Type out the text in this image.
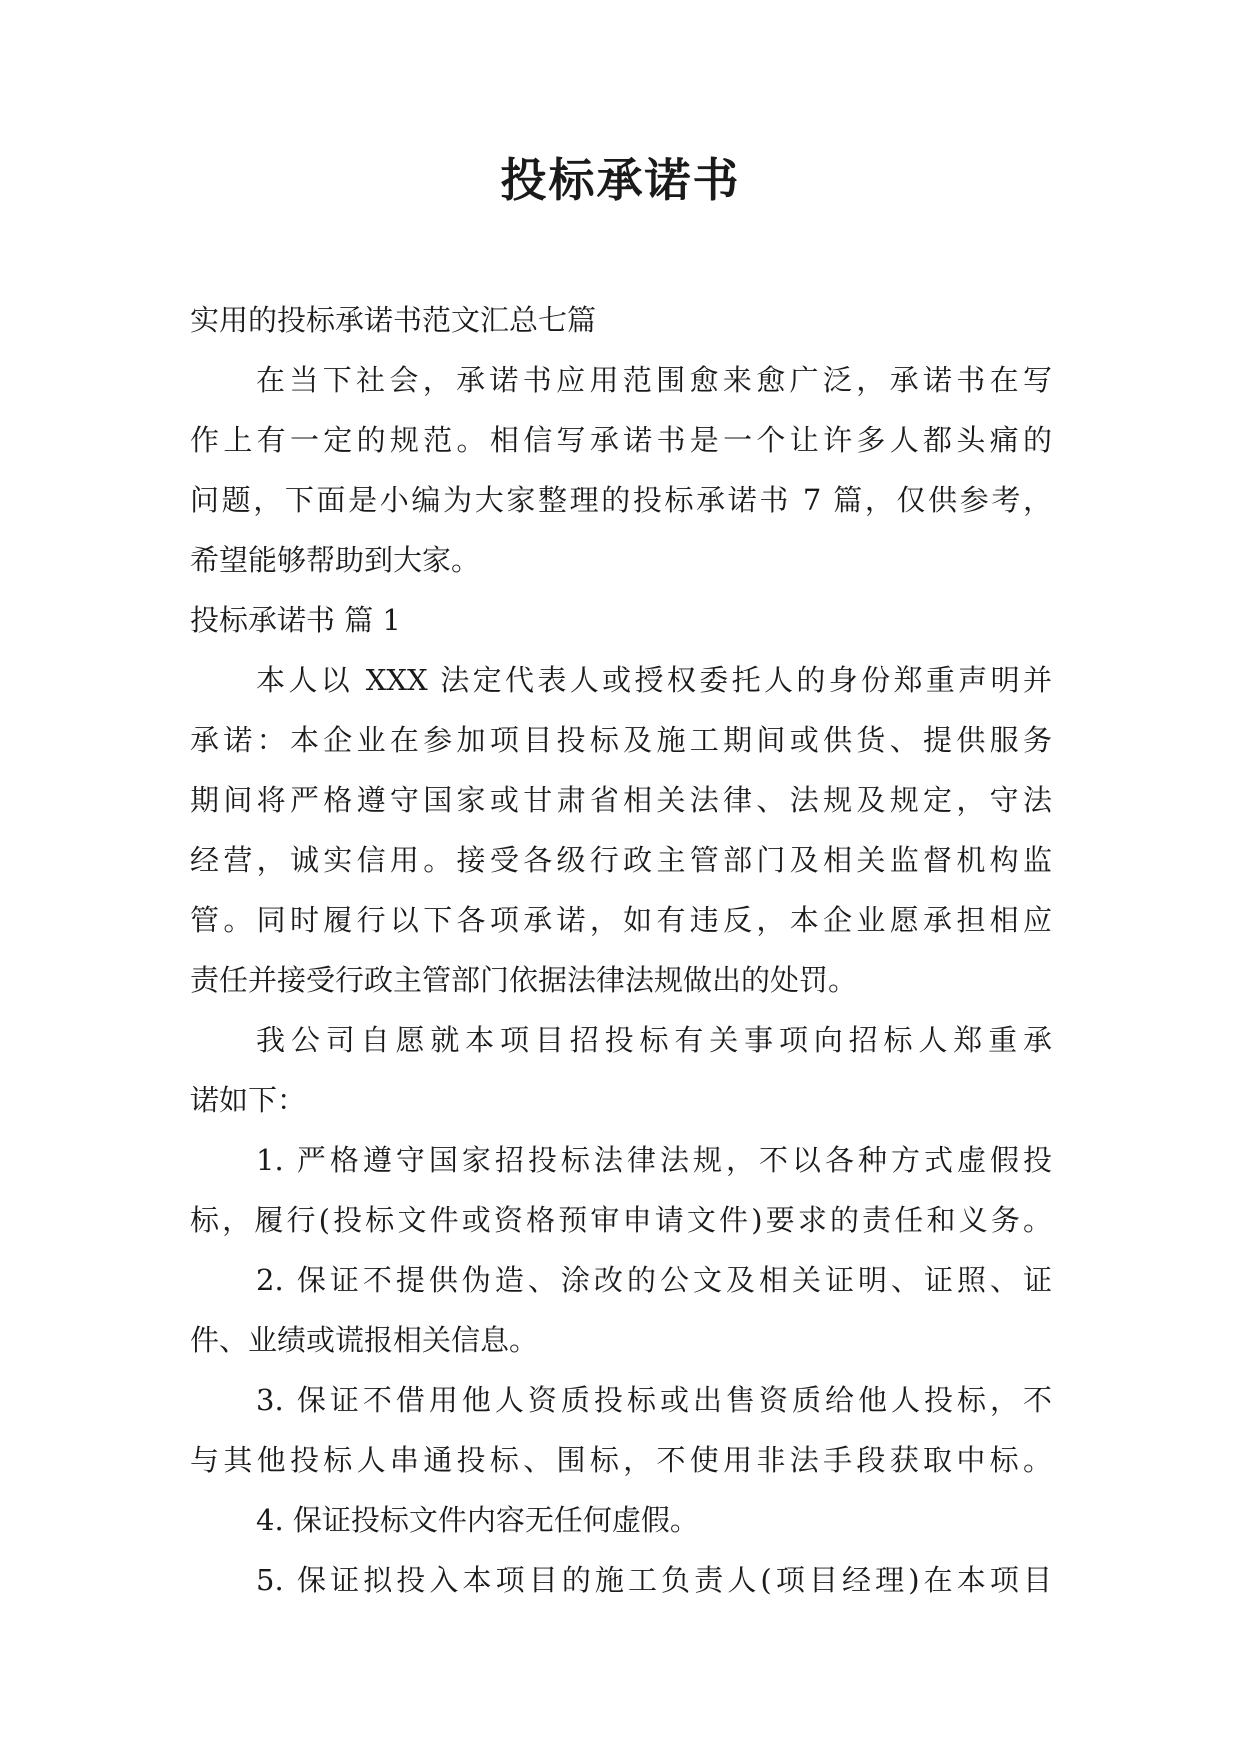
投标承诺书
实用的投标承诺书范文汇总七篇
在当下社会，承诺书应用范围愈来愈广泛，承诺书在写
作上有一定的规范。相信写承诺书是一个让许多人都头痛的
问题，下面是小编为大家整理的投标承诺书 7 篇，仅供参考，
希望能够帮助到大家。
投标承诺书 篇 1
本人以 XXX 法定代表人或授权委托人的身份郑重声明并
承诺：本企业在参加项目投标及施工期间或供货、提供服务
期间将严格遵守国家或甘肃省相关法律、法规及规定，守法
经营，诚实信用。接受各级行政主管部门及相关监督机构监
管。同时履行以下各项承诺，如有违反，本企业愿承担相应
责任并接受行政主管部门依据法律法规做出的处罚。
我公司自愿就本项目招投标有关事项向招标人郑重承
诺如下：
1. 严格遵守国家招投标法律法规，不以各种方式虚假投
标，履行(投标文件或资格预审申请文件)要求的责任和义务。
2. 保证不提供伪造、涂改的公文及相关证明、证照、证
件、业绩或谎报相关信息。
3. 保证不借用他人资质投标或出售资质给他人投标，不
与其他投标人串通投标、围标，不使用非法手段获取中标。
4. 保证投标文件内容无任何虚假。
5. 保证拟投入本项目的施工负责人(项目经理)在本项目
